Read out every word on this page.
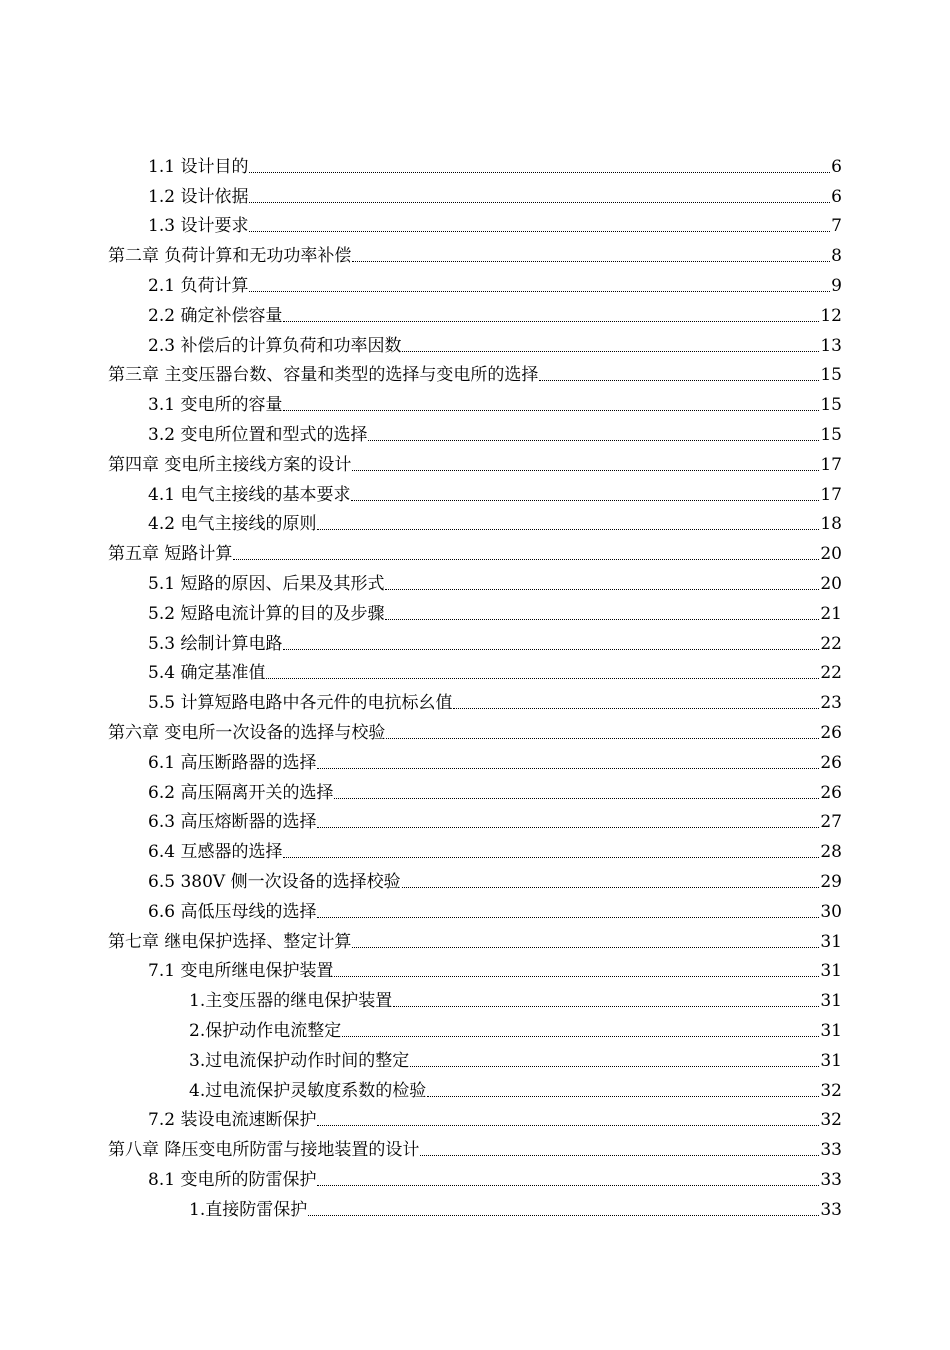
1.1 设计目的	6
1.2 设计依据	6
1.3 设计要求	7
第二章 负荷计算和无功功率补偿	8
2.1 负荷计算	9
2.2 确定补偿容量	12
2.3 补偿后的计算负荷和功率因数	13
第三章 主变压器台数、容量和类型的选择与变电所的选择	15
3.1 变电所的容量	15
3.2 变电所位置和型式的选择	15
第四章 变电所主接线方案的设计	17
4.1 电气主接线的基本要求	17
4.2 电气主接线的原则	18
第五章 短路计算	20
5.1 短路的原因、后果及其形式	20
5.2 短路电流计算的目的及步骤	21
5.3 绘制计算电路	22
5.4 确定基准值	22
5.5 计算短路电路中各元件的电抗标幺值	23
第六章 变电所一次设备的选择与校验	26
6.1 高压断路器的选择	26
6.2 高压隔离开关的选择	26
6.3 高压熔断器的选择	27
6.4 互感器的选择	28
6.5 380V 侧一次设备的选择校验	29
6.6 高低压母线的选择	30
第七章 继电保护选择、整定计算	31
7.1 变电所继电保护装置	31
1.主变压器的继电保护装置	31
2.保护动作电流整定	31
3.过电流保护动作时间的整定	31
4.过电流保护灵敏度系数的检验	32
7.2 装设电流速断保护	32
第八章 降压变电所防雷与接地装置的设计	33
8.1 变电所的防雷保护	33
1.直接防雷保护	33
